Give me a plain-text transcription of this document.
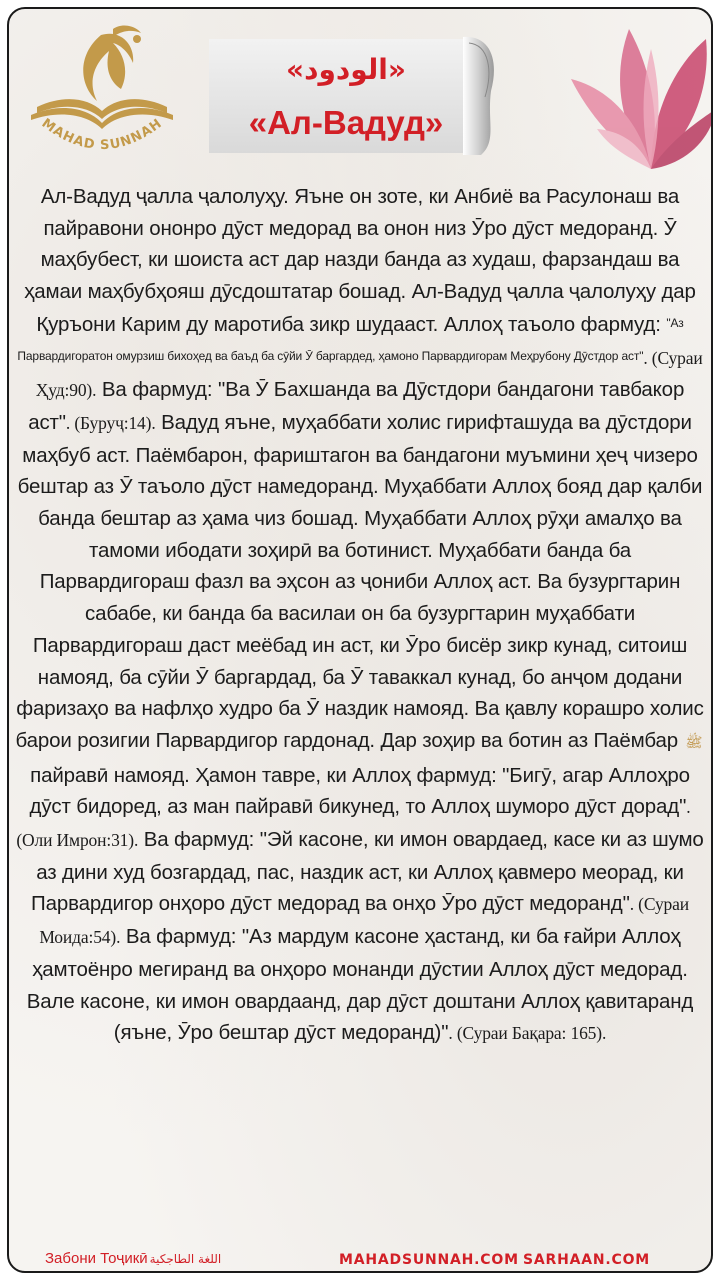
MAHAD SUNNAH
«الودود»
«Ал-Вадуд»

Ал-Вадуд ҷалла ҷалолуҳу. Яъне он зоте, ки Анбиё ва Расулонаш ва пайравони ононро дӯст медорад ва онон низ Ӯро дӯст медоранд. Ӯ маҳбубест, ки шоиста аст дар назди банда аз худаш, фарзандаш ва ҳамаи маҳбубҳояш дӯсдоштатар бошад. Ал-Вадуд ҷалла ҷалолуҳу дар Қуръони Карим ду маротиба зикр шудааст. Аллоҳ таъоло фармуд: "Аз Парвардигоратон омурзиш бихоҳед ва баъд ба сӯйи Ӯ баргардед, ҳамоно Парвардигорам Меҳрубону Дӯстдор аст". (Сураи Ҳуд:90). Ва фармуд: "Ва Ӯ Бахшанда ва Дӯстдори бандагони тавбакор аст". (Буруҷ:14). Вадуд яъне, муҳаббати холис гирифташуда ва дӯстдори маҳбуб аст. Паёмбарон, фариштагон ва бандагони муъмини ҳеҷ чизеро бештар аз Ӯ таъоло дӯст намедоранд. Муҳаббати Аллоҳ бояд дар қалби банда бештар аз ҳама чиз бошад. Муҳаббати Аллоҳ рӯҳи амалҳо ва тамоми ибодати зоҳирӣ ва ботинист. Муҳаббати банда ба Парвардигораш фазл ва эҳсон аз ҷониби Аллоҳ аст. Ва бузургтарин сабабе, ки банда ба василаи он ба бузургтарин муҳаббати Парвардигораш даст меёбад ин аст, ки Ӯро бисёр зикр кунад, ситоиш намояд, ба сӯйи Ӯ баргардад, ба Ӯ таваккал кунад, бо анҷом додани фаризаҳо ва нафлҳо худро ба Ӯ наздик намояд. Ва қавлу корашро холис барои розигии Парвардигор гардонад. Дар зоҳир ва ботин аз Паёмбар ﷺ пайравӣ намояд. Ҳамон тавре, ки Аллоҳ фармуд: "Бигӯ, агар Аллоҳро дӯст бидоред, аз ман пайравӣ бикунед, то Аллоҳ шуморо дӯст дорад". (Оли Имрон:31). Ва фармуд: "Эй касоне, ки имон овардаед, касе ки аз шумо аз дини худ бозгардад, пас, наздик аст, ки Аллоҳ қавмеро меорад, ки Парвардигор онҳоро дӯст медорад ва онҳо Ӯро дӯст медоранд". (Сураи Моида:54). Ва фармуд: "Аз мардум касоне ҳастанд, ки ба ғайри Аллоҳ ҳамтоёнро мегиранд ва онҳоро монанди дӯстии Аллоҳ дӯст медорад. Вале касоне, ки имон овардаанд, дар дӯст доштани Аллоҳ қавитаранд (яъне, Ӯро бештар дӯст медоранд)". (Сураи Бақара: 165).

Забони Тоҷикӣ اللغة الطاجكية	MAHADSUNNAH.COM SARHAAN.COM
